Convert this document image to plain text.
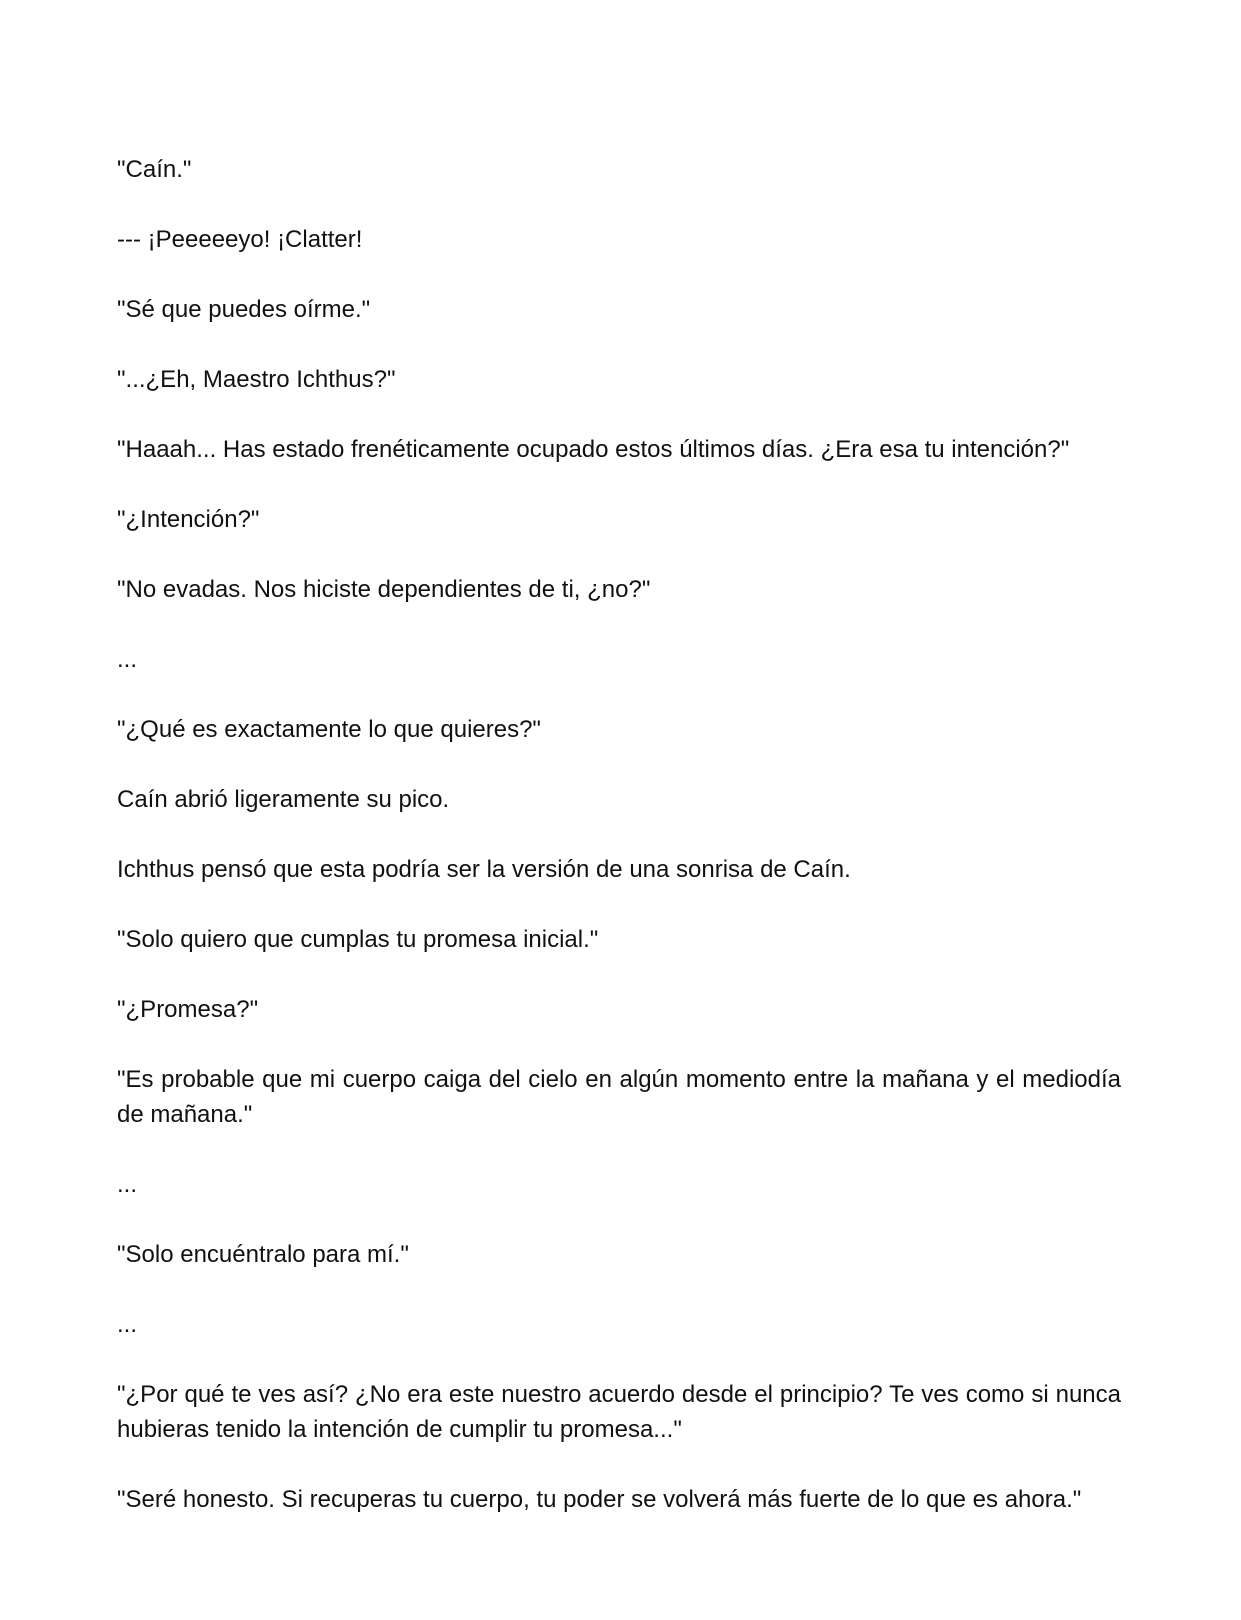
"Caín."

--- ¡Peeeeeyo! ¡Clatter!

"Sé que puedes oírme."

"...¿Eh, Maestro Ichthus?"

"Haaah... Has estado frenéticamente ocupado estos últimos días. ¿Era esa tu intención?"

"¿Intención?"

"No evadas. Nos hiciste dependientes de ti, ¿no?"

...

"¿Qué es exactamente lo que quieres?"

Caín abrió ligeramente su pico.

Ichthus pensó que esta podría ser la versión de una sonrisa de Caín.

"Solo quiero que cumplas tu promesa inicial."

"¿Promesa?"

"Es probable que mi cuerpo caiga del cielo en algún momento entre la mañana y el mediodía de mañana."

...

"Solo encuéntralo para mí."

...

"¿Por qué te ves así? ¿No era este nuestro acuerdo desde el principio? Te ves como si nunca hubieras tenido la intención de cumplir tu promesa..."

"Seré honesto. Si recuperas tu cuerpo, tu poder se volverá más fuerte de lo que es ahora."
